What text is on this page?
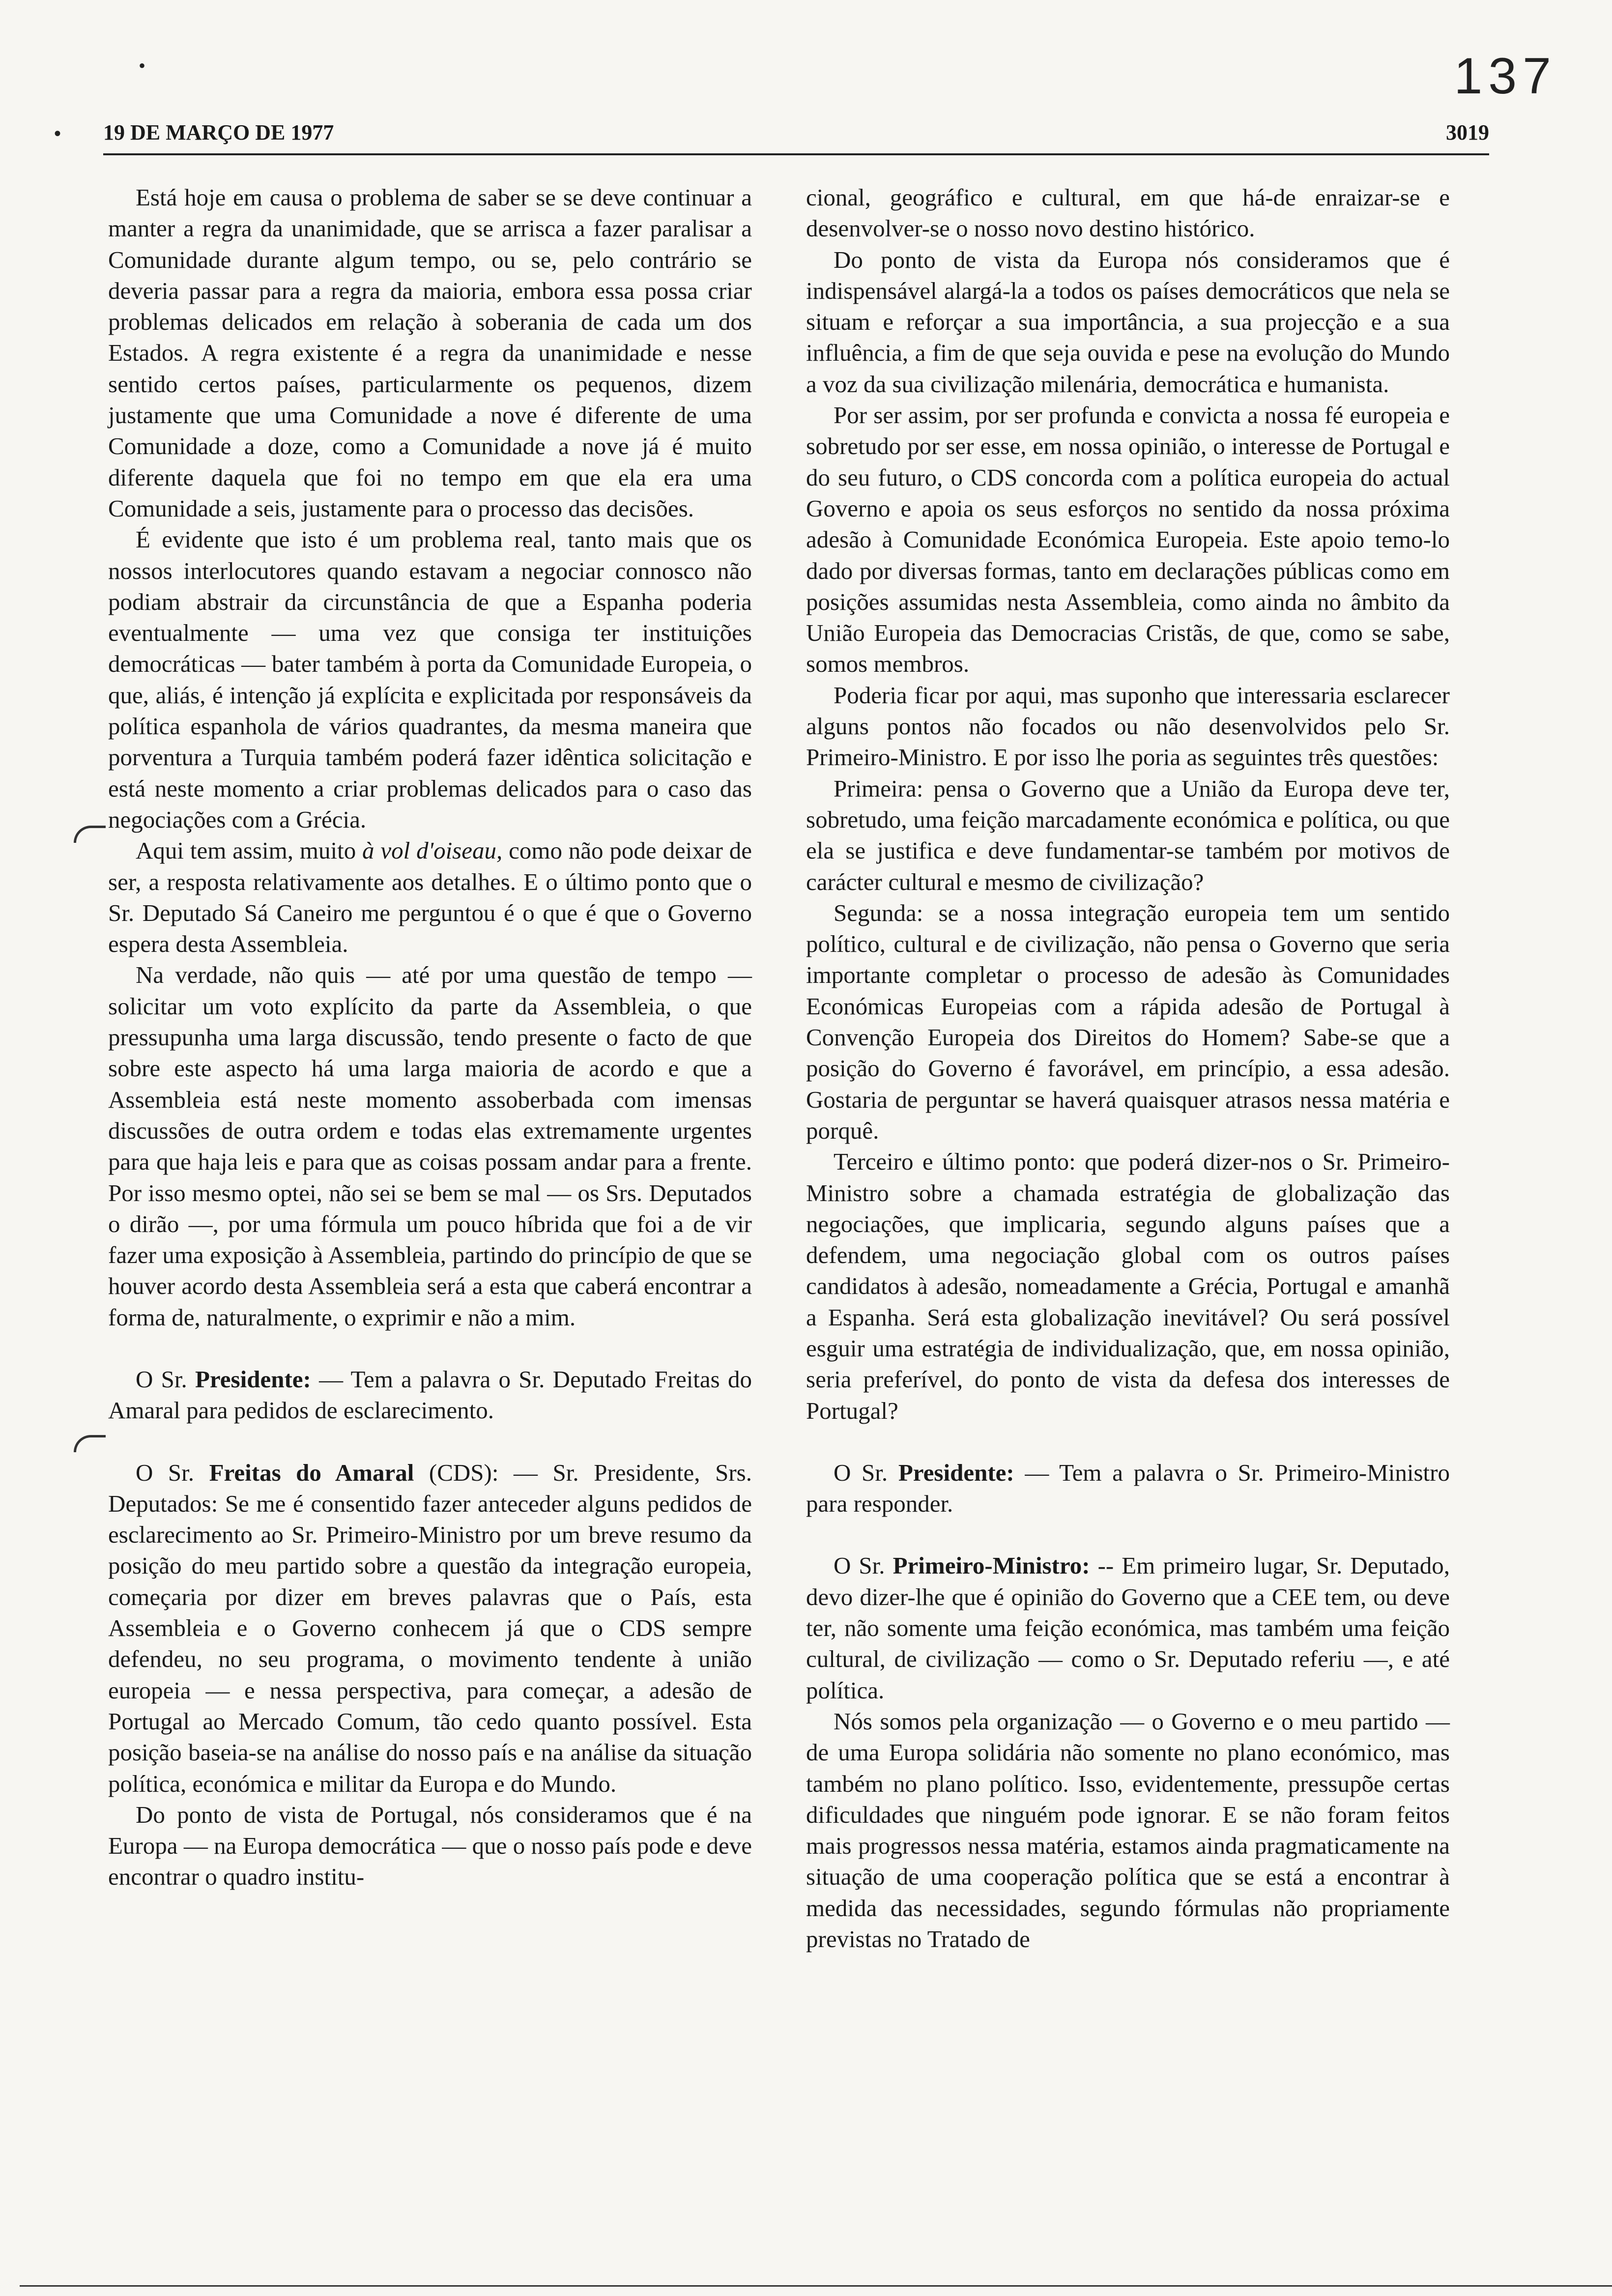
137
•
• 19 DE MARÇO DE 1977	3019

Está hoje em causa o problema de saber se se deve continuar a manter a regra da unanimidade, que se arrisca a fazer paralisar a Comunidade durante algum tempo, ou se, pelo contrário se deveria passar para a regra da maioria, embora essa possa criar problemas delicados em relação à soberania de cada um dos Estados. A regra existente é a regra da unanimidade e nesse sentido certos países, particularmente os pequenos, dizem justamente que uma Comunidade a nove é diferente de uma Comunidade a doze, como a Comunidade a nove já é muito diferente daquela que foi no tempo em que ela era uma Comunidade a seis, justamente para o processo das decisões.

É evidente que isto é um problema real, tanto mais que os nossos interlocutores quando estavam a negociar connosco não podiam abstrair da circunstância de que a Espanha poderia eventualmente — uma vez que consiga ter instituições democráticas — bater também à porta da Comunidade Europeia, o que, aliás, é intenção já explícita e explicitada por responsáveis da política espanhola de vários quadrantes, da mesma maneira que porventura a Turquia também poderá fazer idêntica solicitação e está neste momento a criar problemas delicados para o caso das negociações com a Grécia.

Aqui tem assim, muito à vol d'oiseau, como não pode deixar de ser, a resposta relativamente aos detalhes. E o último ponto que o Sr. Deputado Sá Caneiro me perguntou é o que é que o Governo espera desta Assembleia.

Na verdade, não quis — até por uma questão de tempo — solicitar um voto explícito da parte da Assembleia, o que pressupunha uma larga discussão, tendo presente o facto de que sobre este aspecto há uma larga maioria de acordo e que a Assembleia está neste momento assoberbada com imensas discussões de outra ordem e todas elas extremamente urgentes para que haja leis e para que as coisas possam andar para a frente. Por isso mesmo optei, não sei se bem se mal — os Srs. Deputados o dirão —, por uma fórmula um pouco híbrida que foi a de vir fazer uma exposição à Assembleia, partindo do princípio de que se houver acordo desta Assembleia será a esta que caberá encontrar a forma de, naturalmente, o exprimir e não a mim.

O Sr. Presidente: — Tem a palavra o Sr. Deputado Freitas do Amaral para pedidos de esclarecimento.

O Sr. Freitas do Amaral (CDS): — Sr. Presidente, Srs. Deputados: Se me é consentido fazer anteceder alguns pedidos de esclarecimento ao Sr. Primeiro-Ministro por um breve resumo da posição do meu partido sobre a questão da integração europeia, começaria por dizer em breves palavras que o País, esta Assembleia e o Governo conhecem já que o CDS sempre defendeu, no seu programa, o movimento tendente à união europeia — e nessa perspectiva, para começar, a adesão de Portugal ao Mercado Comum, tão cedo quanto possível. Esta posição baseia-se na análise do nosso país e na análise da situação política, económica e militar da Europa e do Mundo.

Do ponto de vista de Portugal, nós consideramos que é na Europa — na Europa democrática — que o nosso país pode e deve encontrar o quadro institu-

cional, geográfico e cultural, em que há-de enraizar-se e desenvolver-se o nosso novo destino histórico.

Do ponto de vista da Europa nós consideramos que é indispensável alargá-la a todos os países democráticos que nela se situam e reforçar a sua importância, a sua projecção e a sua influência, a fim de que seja ouvida e pese na evolução do Mundo a voz da sua civilização milenária, democrática e humanista.

Por ser assim, por ser profunda e convicta a nossa fé europeia e sobretudo por ser esse, em nossa opinião, o interesse de Portugal e do seu futuro, o CDS concorda com a política europeia do actual Governo e apoia os seus esforços no sentido da nossa próxima adesão à Comunidade Económica Europeia. Este apoio temo-lo dado por diversas formas, tanto em declarações públicas como em posições assumidas nesta Assembleia, como ainda no âmbito da União Europeia das Democracias Cristãs, de que, como se sabe, somos membros.

Poderia ficar por aqui, mas suponho que interessaria esclarecer alguns pontos não focados ou não desenvolvidos pelo Sr. Primeiro-Ministro. E por isso lhe poria as seguintes três questões:

Primeira: pensa o Governo que a União da Europa deve ter, sobretudo, uma feição marcadamente económica e política, ou que ela se justifica e deve fundamentar-se também por motivos de carácter cultural e mesmo de civilização?

Segunda: se a nossa integração europeia tem um sentido político, cultural e de civilização, não pensa o Governo que seria importante completar o processo de adesão às Comunidades Económicas Europeias com a rápida adesão de Portugal à Convenção Europeia dos Direitos do Homem? Sabe-se que a posição do Governo é favorável, em princípio, a essa adesão. Gostaria de perguntar se haverá quaisquer atrasos nessa matéria e porquê.

Terceiro e último ponto: que poderá dizer-nos o Sr. Primeiro-Ministro sobre a chamada estratégia de globalização das negociações, que implicaria, segundo alguns países que a defendem, uma negociação global com os outros países candidatos à adesão, nomeadamente a Grécia, Portugal e amanhã a Espanha. Será esta globalização inevitável? Ou será possível esguir uma estratégia de individualização, que, em nossa opinião, seria preferível, do ponto de vista da defesa dos interesses de Portugal?

O Sr. Presidente: — Tem a palavra o Sr. Primeiro-Ministro para responder.

O Sr. Primeiro-Ministro: -- Em primeiro lugar, Sr. Deputado, devo dizer-lhe que é opinião do Governo que a CEE tem, ou deve ter, não somente uma feição económica, mas também uma feição cultural, de civilização — como o Sr. Deputado referiu —, e até política.

Nós somos pela organização — o Governo e o meu partido — de uma Europa solidária não somente no plano económico, mas também no plano político. Isso, evidentemente, pressupõe certas dificuldades que ninguém pode ignorar. E se não foram feitos mais progressos nessa matéria, estamos ainda pragmaticamente na situação de uma cooperação política que se está a encontrar à medida das necessidades, segundo fórmulas não propriamente previstas no Tratado de
